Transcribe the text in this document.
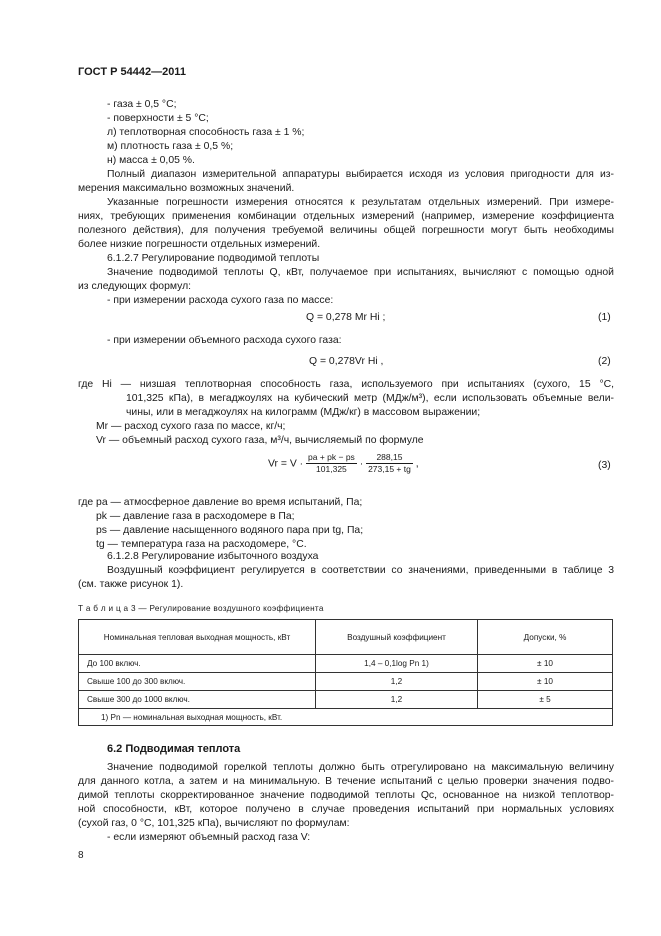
ГОСТ Р 54442—2011
- газа ± 0,5 °С;
- поверхности ± 5 °С;
л) теплотворная способность газа ± 1 %;
м) плотность газа ± 0,5 %;
н) масса ± 0,05 %.
Полный диапазон измерительной аппаратуры выбирается исходя из условия пригодности для из-
мерения максимально возможных значений.
Указанные погрешности измерения относятся к результатам отдельных измерений. При измере-
ниях, требующих применения комбинации отдельных измерений (например, измерение коэффициента
полезного действия), для получения требуемой величины общей погрешности могут быть необходимы
более низкие погрешности отдельных измерений.
6.1.2.7 Регулирование подводимой теплоты
Значение подводимой теплоты Q, кВт, получаемое при испытаниях, вычисляют с помощью одной
из следующих формул:
- при измерении расхода сухого газа по массе:
Q = 0,278 Mr Hi ;	(1)
- при измерении объемного расхода сухого газа:
Q = 0,278Vr Hi ,	(2)
где Hi — низшая теплотворная способность газа, используемого при испытаниях (сухого, 15 °С,
101,325 кПа), в мегаджоулях на кубический метр (МДж/м³), если использовать объемные вели-
чины, или в мегаджоулях на килограмм (МДж/кг) в массовом выражении;
Mr — расход сухого газа по массе, кг/ч;
Vr — объемный расход сухого газа, м³/ч, вычисляемый по формуле
$Vr = V \cdot \frac{pa + pk - ps}{101,325} \cdot \frac{288,15}{273,15 + tg}$ ,	(3)
где pa — атмосферное давление во время испытаний, Па;
pk — давление газа в расходомере в Па;
ps — давление насыщенного водяного пара при tg, Па;
tg — температура газа на расходомере, °С.
6.1.2.8 Регулирование избыточного воздуха
Воздушный коэффициент регулируется в соответствии со значениями, приведенными в таблице 3
(см. также рисунок 1).
Т а б л и ц а 3 — Регулирование воздушного коэффициента
Номинальная тепловая выходная мощность, кВт	Воздушный коэффициент	Допуски, %
До 100 включ.	1,4 – 0,1log Pn 1)	± 10
Свыше 100 до 300 включ.	1,2	± 10
Свыше 300 до 1000 включ.	1,2	± 5
1) Pn — номинальная выходная мощность, кВт.		
6.2 Подводимая теплота
Значение подводимой горелкой теплоты должно быть отрегулировано на максимальную величину
для данного котла, а затем и на минимальную. В течение испытаний с целью проверки значения подво-
димой теплоты скорректированное значение подводимой теплоты Qc, основанное на низкой теплотвор-
ной способности, кВт, которое получено в случае проведения испытаний при нормальных условиях
(сухой газ, 0 °С, 101,325 кПа), вычисляют по формулам:
- если измеряют объемный расход газа V:
8
